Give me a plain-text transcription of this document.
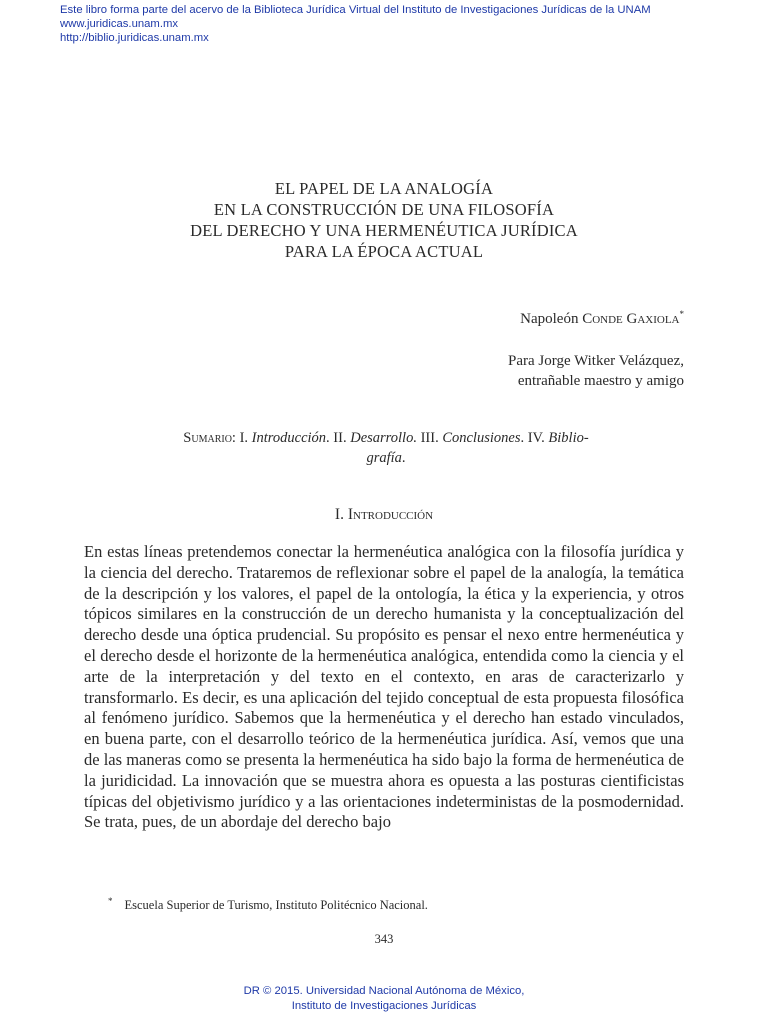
Este libro forma parte del acervo de la Biblioteca Jurídica Virtual del Instituto de Investigaciones Jurídicas de la UNAM
www.juridicas.unam.mx
http://biblio.juridicas.unam.mx
EL PAPEL DE LA ANALOGÍA
EN LA CONSTRUCCIÓN DE UNA FILOSOFÍA
DEL DERECHO Y UNA HERMENÉUTICA JURÍDICA
PARA LA ÉPOCA ACTUAL
Napoleón Conde Gaxiola*
Para Jorge Witker Velázquez,
entrañable maestro y amigo
Sumario: I. Introducción. II. Desarrollo. III. Conclusiones. IV. Biblio-
grafía.
I. Introducción
En estas líneas pretendemos conectar la hermenéutica analógica con la filosofía jurídica y la ciencia del derecho. Trataremos de reflexionar sobre el papel de la analogía, la temática de la descripción y los valores, el papel de la ontología, la ética y la experiencia, y otros tópicos similares en la construcción de un derecho humanista y la conceptualización del derecho desde una óptica prudencial. Su propósito es pensar el nexo entre hermenéutica y el derecho desde el horizonte de la hermenéutica analógica, entendida como la ciencia y el arte de la interpretación y del texto en el contexto, en aras de caracterizarlo y transformarlo. Es decir, es una aplicación del tejido conceptual de esta propuesta filosófica al fenómeno jurídico. Sabemos que la hermenéutica y el derecho han estado vinculados, en buena parte, con el desarrollo teórico de la hermenéutica jurídica. Así, vemos que una de las maneras como se presenta la hermenéutica ha sido bajo la forma de hermenéutica de la juridicidad. La innovación que se muestra ahora es opuesta a las posturas cientificistas típicas del objetivismo jurídico y a las orientaciones indeterministas de la posmodernidad. Se trata, pues, de un abordaje del derecho bajo
* Escuela Superior de Turismo, Instituto Politécnico Nacional.
343
DR © 2015. Universidad Nacional Autónoma de México,
Instituto de Investigaciones Jurídicas
